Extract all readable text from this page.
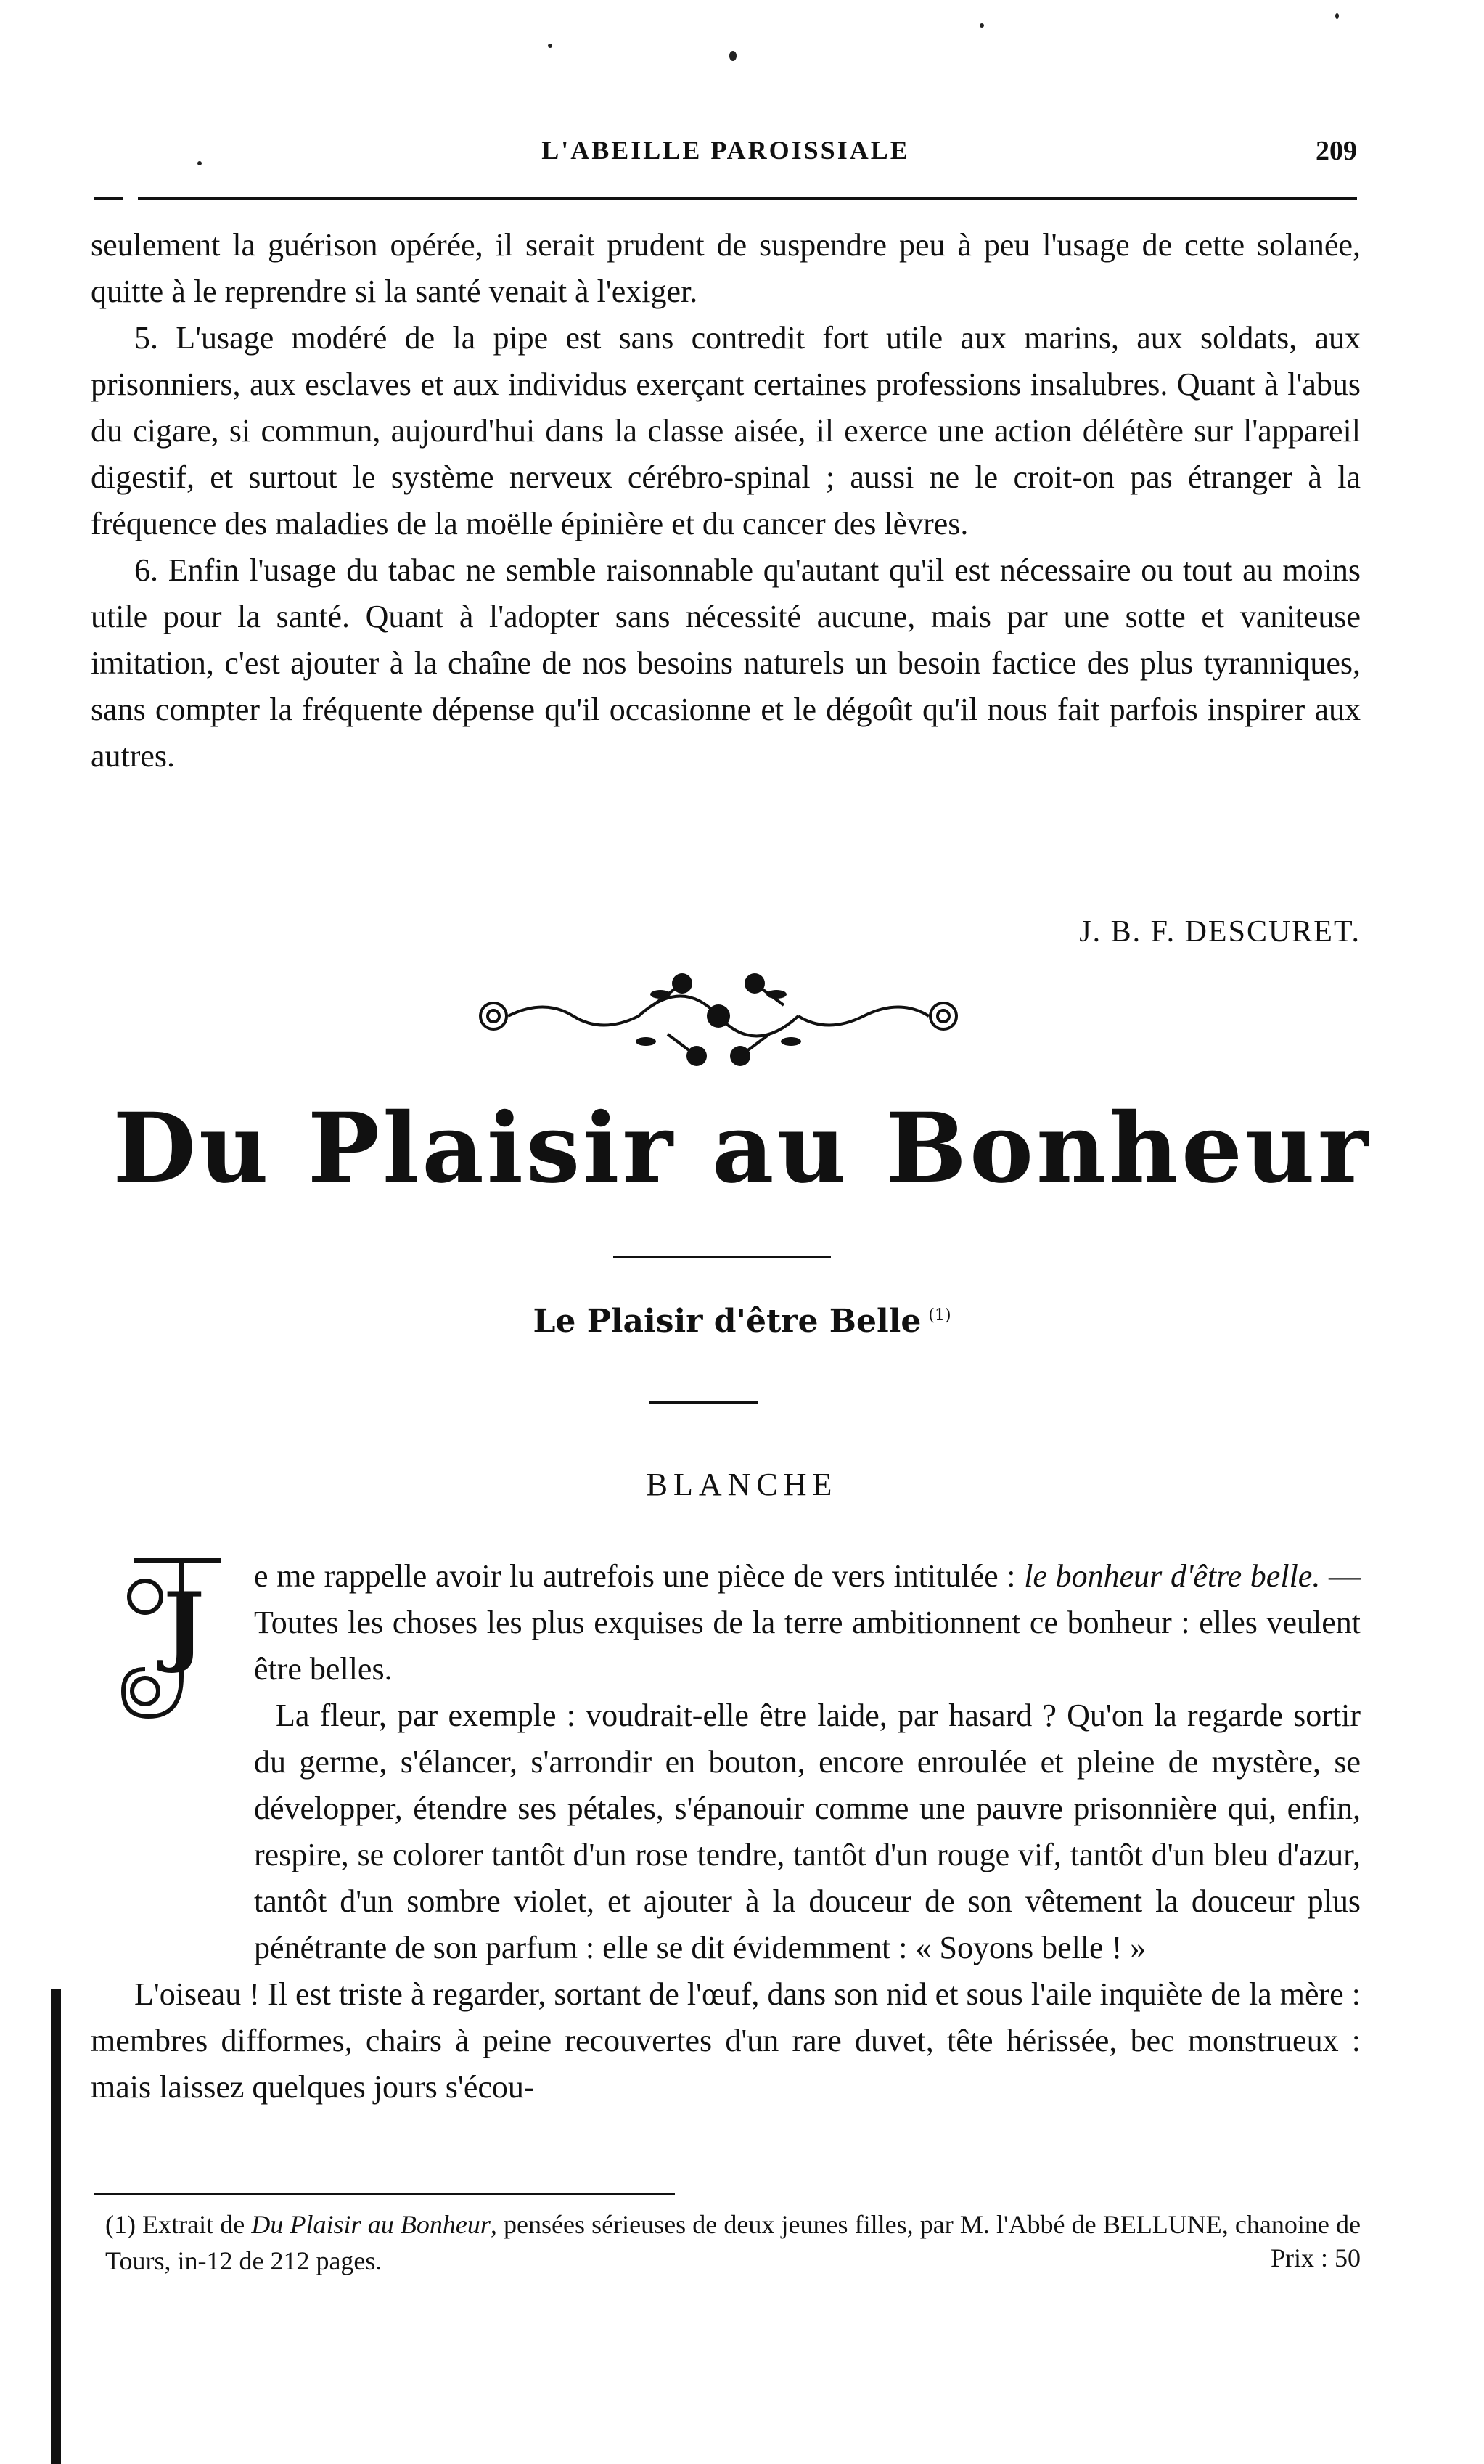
L'ABEILLE PAROISSIALE	209

seulement la guérison opérée, il serait prudent de suspendre peu à peu l'usage de cette solanée, quitte à le reprendre si la santé venait à l'exiger.

5. L'usage modéré de la pipe est sans contredit fort utile aux marins, aux soldats, aux prisonniers, aux esclaves et aux individus exerçant certaines professions insalubres. Quant à l'abus du cigare, si commun, aujourd'hui dans la classe aisée, il exerce une action délétère sur l'appareil digestif, et surtout le système nerveux cérébro-spinal ; aussi ne le croit-on pas étranger à la fréquence des maladies de la moëlle épinière et du cancer des lèvres.

6. Enfin l'usage du tabac ne semble raisonnable qu'autant qu'il est nécessaire ou tout au moins utile pour la santé. Quant à l'adopter sans nécessité aucune, mais par une sotte et vaniteuse imitation, c'est ajouter à la chaîne de nos besoins naturels un besoin factice des plus tyranniques, sans compter la fréquente dépense qu'il occasionne et le dégoût qu'il nous fait parfois inspirer aux autres.

J. B. F. DESCURET.
Du Plaisir au Bonheur
Le Plaisir d'être Belle $^{(1)}$
BLANCHE
J e me rappelle avoir lu autrefois une pièce de vers intitulée : le bonheur d'être belle. — Toutes les choses les plus exquises de la terre ambitionnent ce bonheur : elles veulent être belles.

La fleur, par exemple : voudrait-elle être laide, par hasard ? Qu'on la regarde sortir du germe, s'élancer, s'arrondir en bouton, encore enroulée et pleine de mystère, se développer, étendre ses pétales, s'épanouir comme une pauvre prisonnière qui, enfin, respire, se colorer tantôt d'un rose tendre, tantôt d'un rouge vif, tantôt d'un bleu d'azur, tantôt d'un sombre violet, et ajouter à la douceur de son vêtement la douceur plus pénétrante de son parfum : elle se dit évidemment : « Soyons belle ! »

L'oiseau ! Il est triste à regarder, sortant de l'œuf, dans son nid et sous l'aile inquiète de la mère : membres difformes, chairs à peine recouvertes d'un rare duvet, tête hérissée, bec monstrueux : mais laissez quelques jours s'écou-

(1) Extrait de Du Plaisir au Bonheur, pensées sérieuses de deux jeunes filles, par M. l'Abbé de BELLUNE, chanoine de Tours, in-12 de 212 pages.	Prix : 50
